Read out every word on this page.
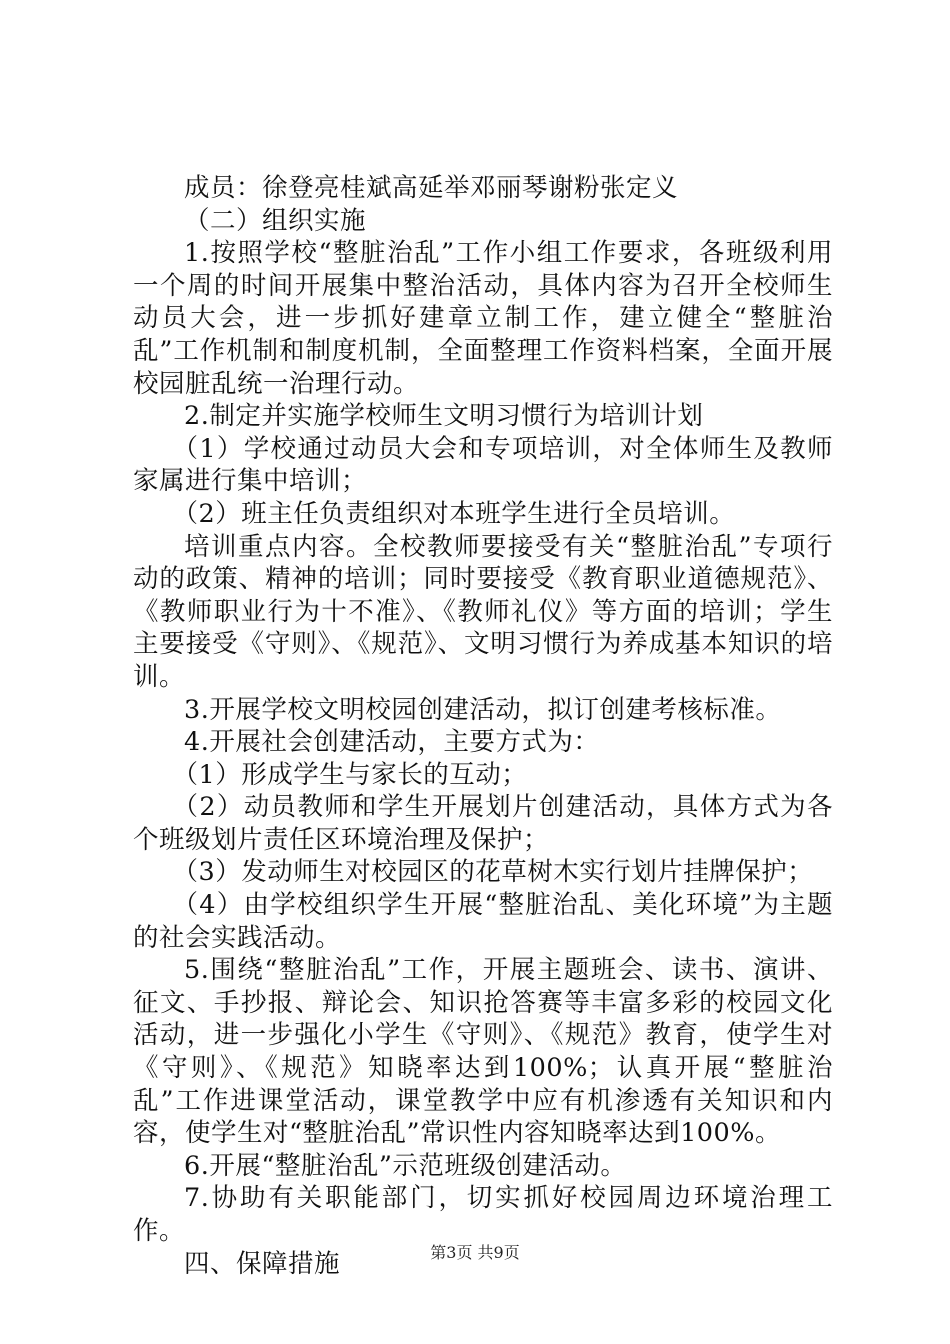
成员：徐登亮桂斌高延举邓丽琴谢粉张定义

（二）组织实施

1.按照学校“整脏治乱”工作小组工作要求，各班级利用一个周的时间开展集中整治活动，具体内容为召开全校师生动员大会，进一步抓好建章立制工作，建立健全“整脏治乱”工作机制和制度机制，全面整理工作资料档案，全面开展校园脏乱统一治理行动。

2.制定并实施学校师生文明习惯行为培训计划

（1）学校通过动员大会和专项培训，对全体师生及教师家属进行集中培训；

（2）班主任负责组织对本班学生进行全员培训。

培训重点内容。全校教师要接受有关“整脏治乱”专项行动的政策、精神的培训；同时要接受《教育职业道德规范》、《教师职业行为十不准》、《教师礼仪》等方面的培训；学生主要接受《守则》、《规范》、文明习惯行为养成基本知识的培训。

3.开展学校文明校园创建活动，拟订创建考核标准。

4.开展社会创建活动，主要方式为：

（1）形成学生与家长的互动；

（2）动员教师和学生开展划片创建活动，具体方式为各个班级划片责任区环境治理及保护；

（3）发动师生对校园区的花草树木实行划片挂牌保护；

（4）由学校组织学生开展“整脏治乱、美化环境”为主题的社会实践活动。

5.围绕“整脏治乱”工作，开展主题班会、读书、演讲、征文、手抄报、辩论会、知识抢答赛等丰富多彩的校园文化活动，进一步强化小学生《守则》、《规范》教育，使学生对《守则》、《规范》知晓率达到100%；认真开展“整脏治乱”工作进课堂活动，课堂教学中应有机渗透有关知识和内容，使学生对“整脏治乱”常识性内容知晓率达到100%。

6.开展“整脏治乱”示范班级创建活动。

7.协助有关职能部门，切实抓好校园周边环境治理工作。

四、保障措施	第3页 共9页
